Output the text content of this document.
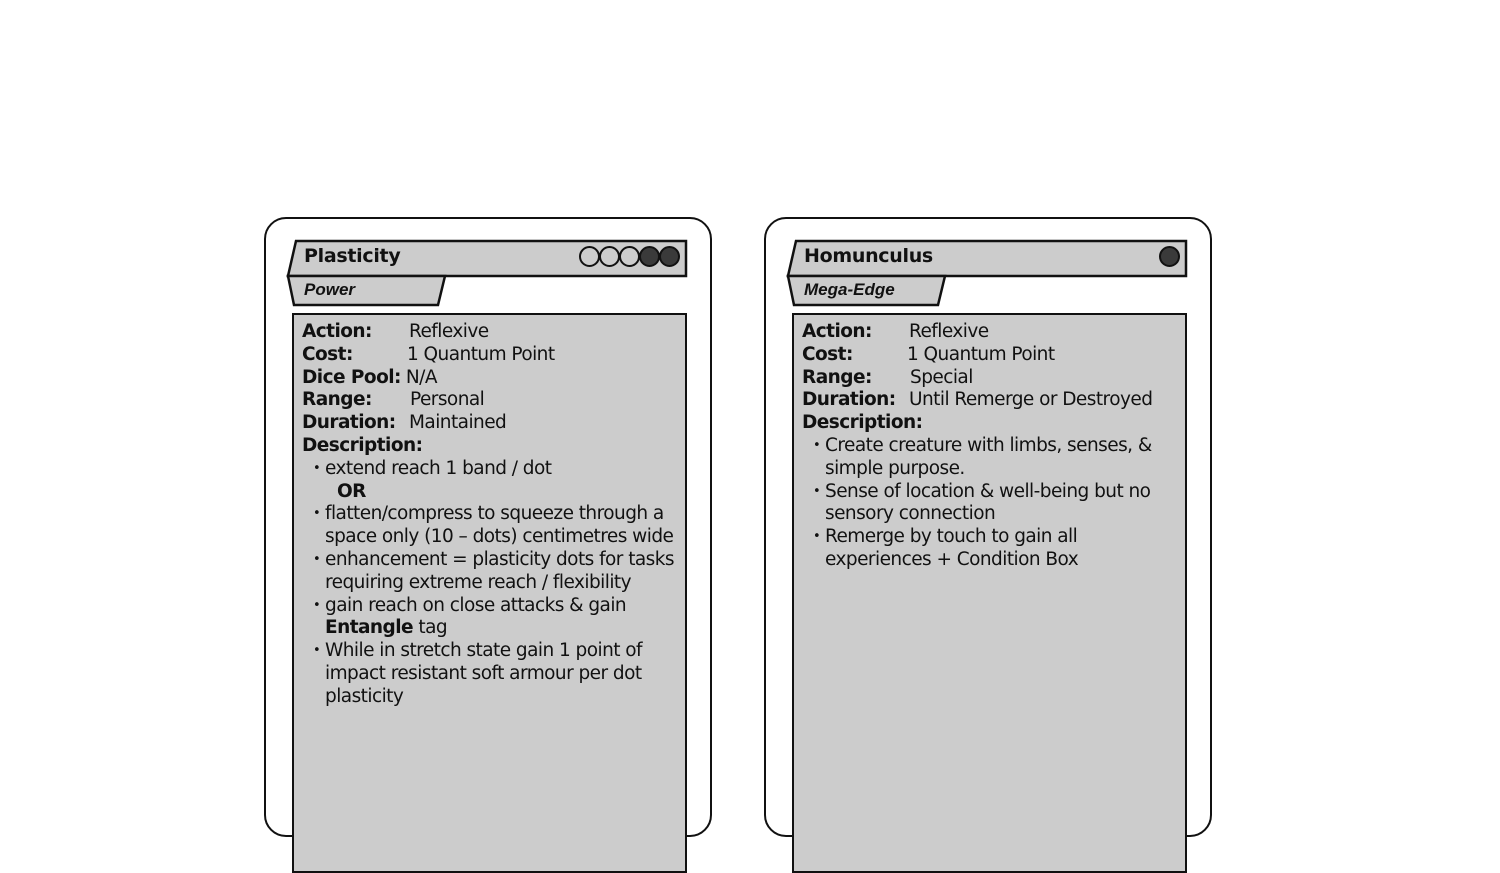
Plasticity
Power
Action:	Reflexive
Cost:	1 Quantum Point
Dice Pool: N/A
Range:	Personal
Duration: Maintained
Description:
• extend reach 1 band / dot
OR
• flatten/compress to squeeze through a space only (10 – dots) centimetres wide
• enhancement = plasticity dots for tasks requiring extreme reach / flexibility
• gain reach on close attacks & gain Entangle tag
• While in stretch state gain 1 point of impact resistant soft armour per dot plasticity
Homunculus
Mega-Edge
Action:	Reflexive
Cost:	1 Quantum Point
Range:	Special
Duration: Until Remerge or Destroyed
Description:
• Create creature with limbs, senses, & simple purpose.
• Sense of location & well-being but no sensory connection
• Remerge by touch to gain all experiences + Condition Box
